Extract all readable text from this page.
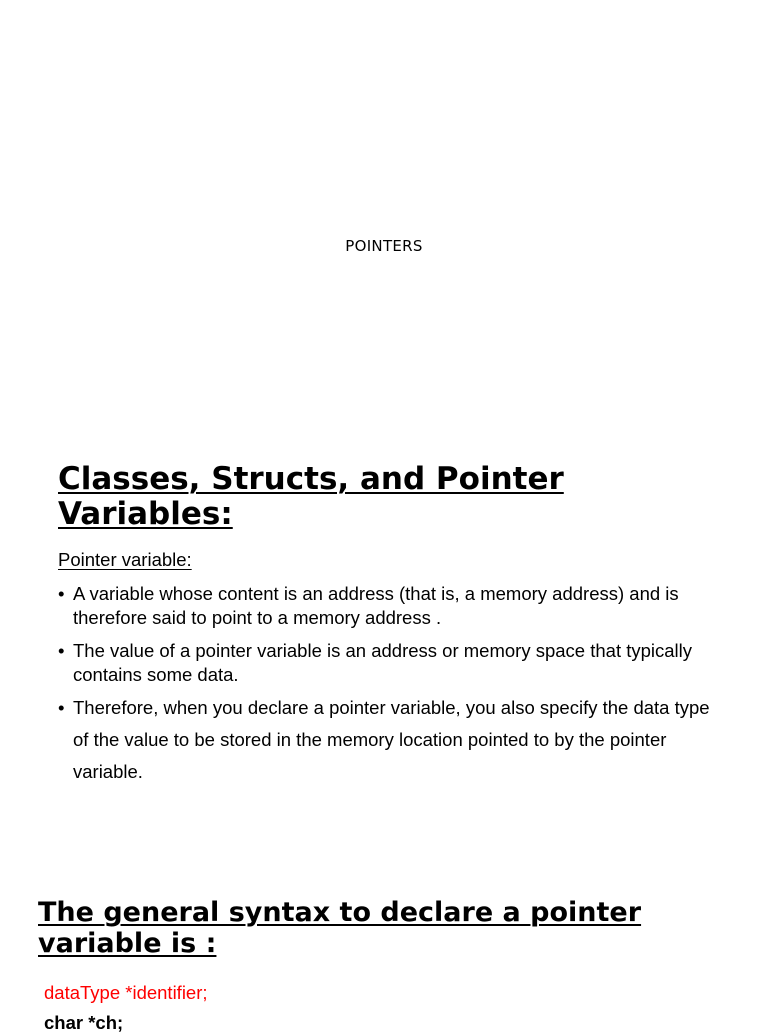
POINTERS
Classes, Structs, and Pointer Variables:
Pointer variable:
• A variable whose content is an address (that is, a memory address) and is therefore said to point to a memory address .
• The value of a pointer variable is an address or memory space that typically contains some data.
• Therefore, when you declare a pointer variable, you also specify the data type of the value to be stored in the memory location pointed to by the pointer variable.
The general syntax to declare a pointer variable is :
dataType *identifier;
char *ch;
